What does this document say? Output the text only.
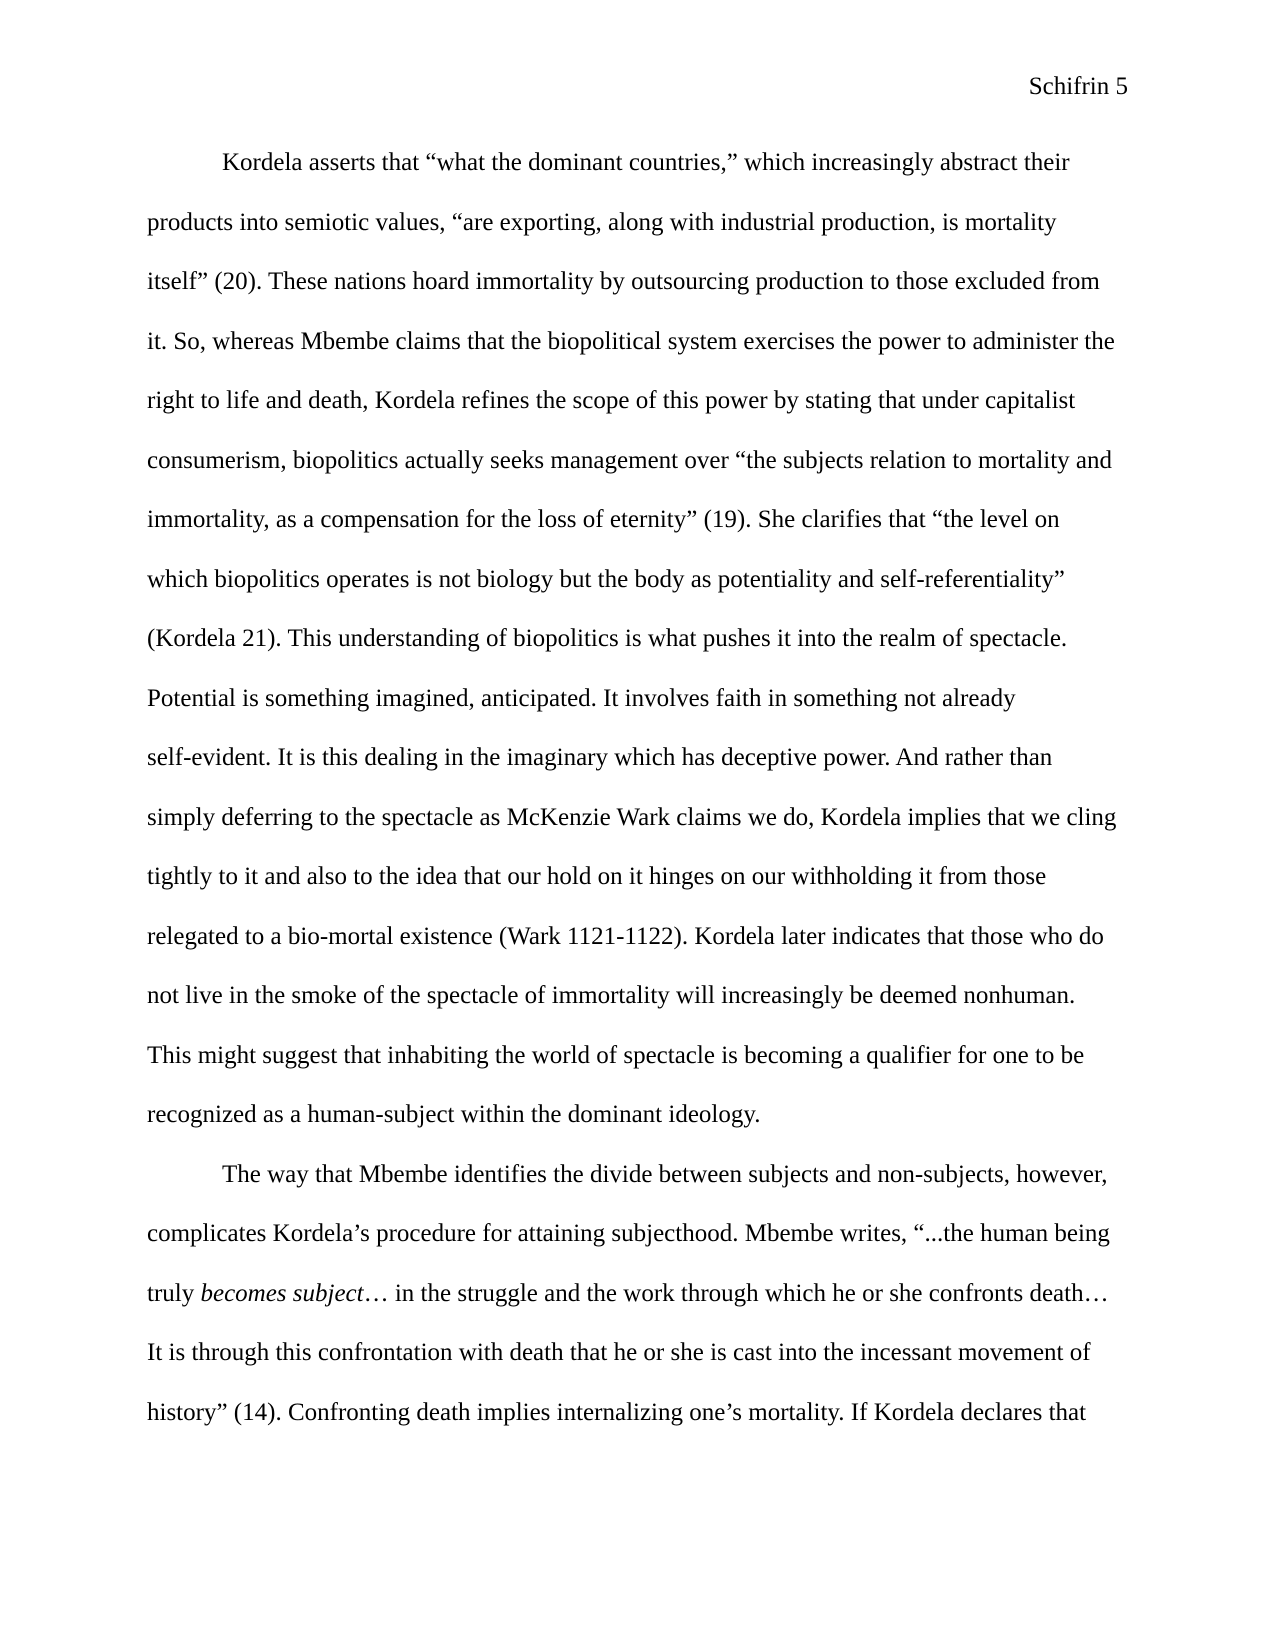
Schifrin 5
Kordela asserts that “what the dominant countries,” which increasingly abstract their
products into semiotic values, “are exporting, along with industrial production, is mortality
itself” (20). These nations hoard immortality by outsourcing production to those excluded from
it. So, whereas Mbembe claims that the biopolitical system exercises the power to administer the
right to life and death, Kordela refines the scope of this power by stating that under capitalist
consumerism, biopolitics actually seeks management over “the subjects relation to mortality and
immortality, as a compensation for the loss of eternity” (19). She clarifies that “the level on
which biopolitics operates is not biology but the body as potentiality and self-referentiality”
(Kordela 21). This understanding of biopolitics is what pushes it into the realm of spectacle.
Potential is something imagined, anticipated. It involves faith in something not already
self-evident. It is this dealing in the imaginary which has deceptive power. And rather than
simply deferring to the spectacle as McKenzie Wark claims we do, Kordela implies that we cling
tightly to it and also to the idea that our hold on it hinges on our withholding it from those
relegated to a bio-mortal existence (Wark 1121-1122). Kordela later indicates that those who do
not live in the smoke of the spectacle of immortality will increasingly be deemed nonhuman.
This might suggest that inhabiting the world of spectacle is becoming a qualifier for one to be
recognized as a human-subject within the dominant ideology.
The way that Mbembe identifies the divide between subjects and non-subjects, however,
complicates Kordela’s procedure for attaining subjecthood. Mbembe writes, “...the human being
truly becomes subject… in the struggle and the work through which he or she confronts death…
It is through this confrontation with death that he or she is cast into the incessant movement of
history” (14). Confronting death implies internalizing one’s mortality. If Kordela declares that
